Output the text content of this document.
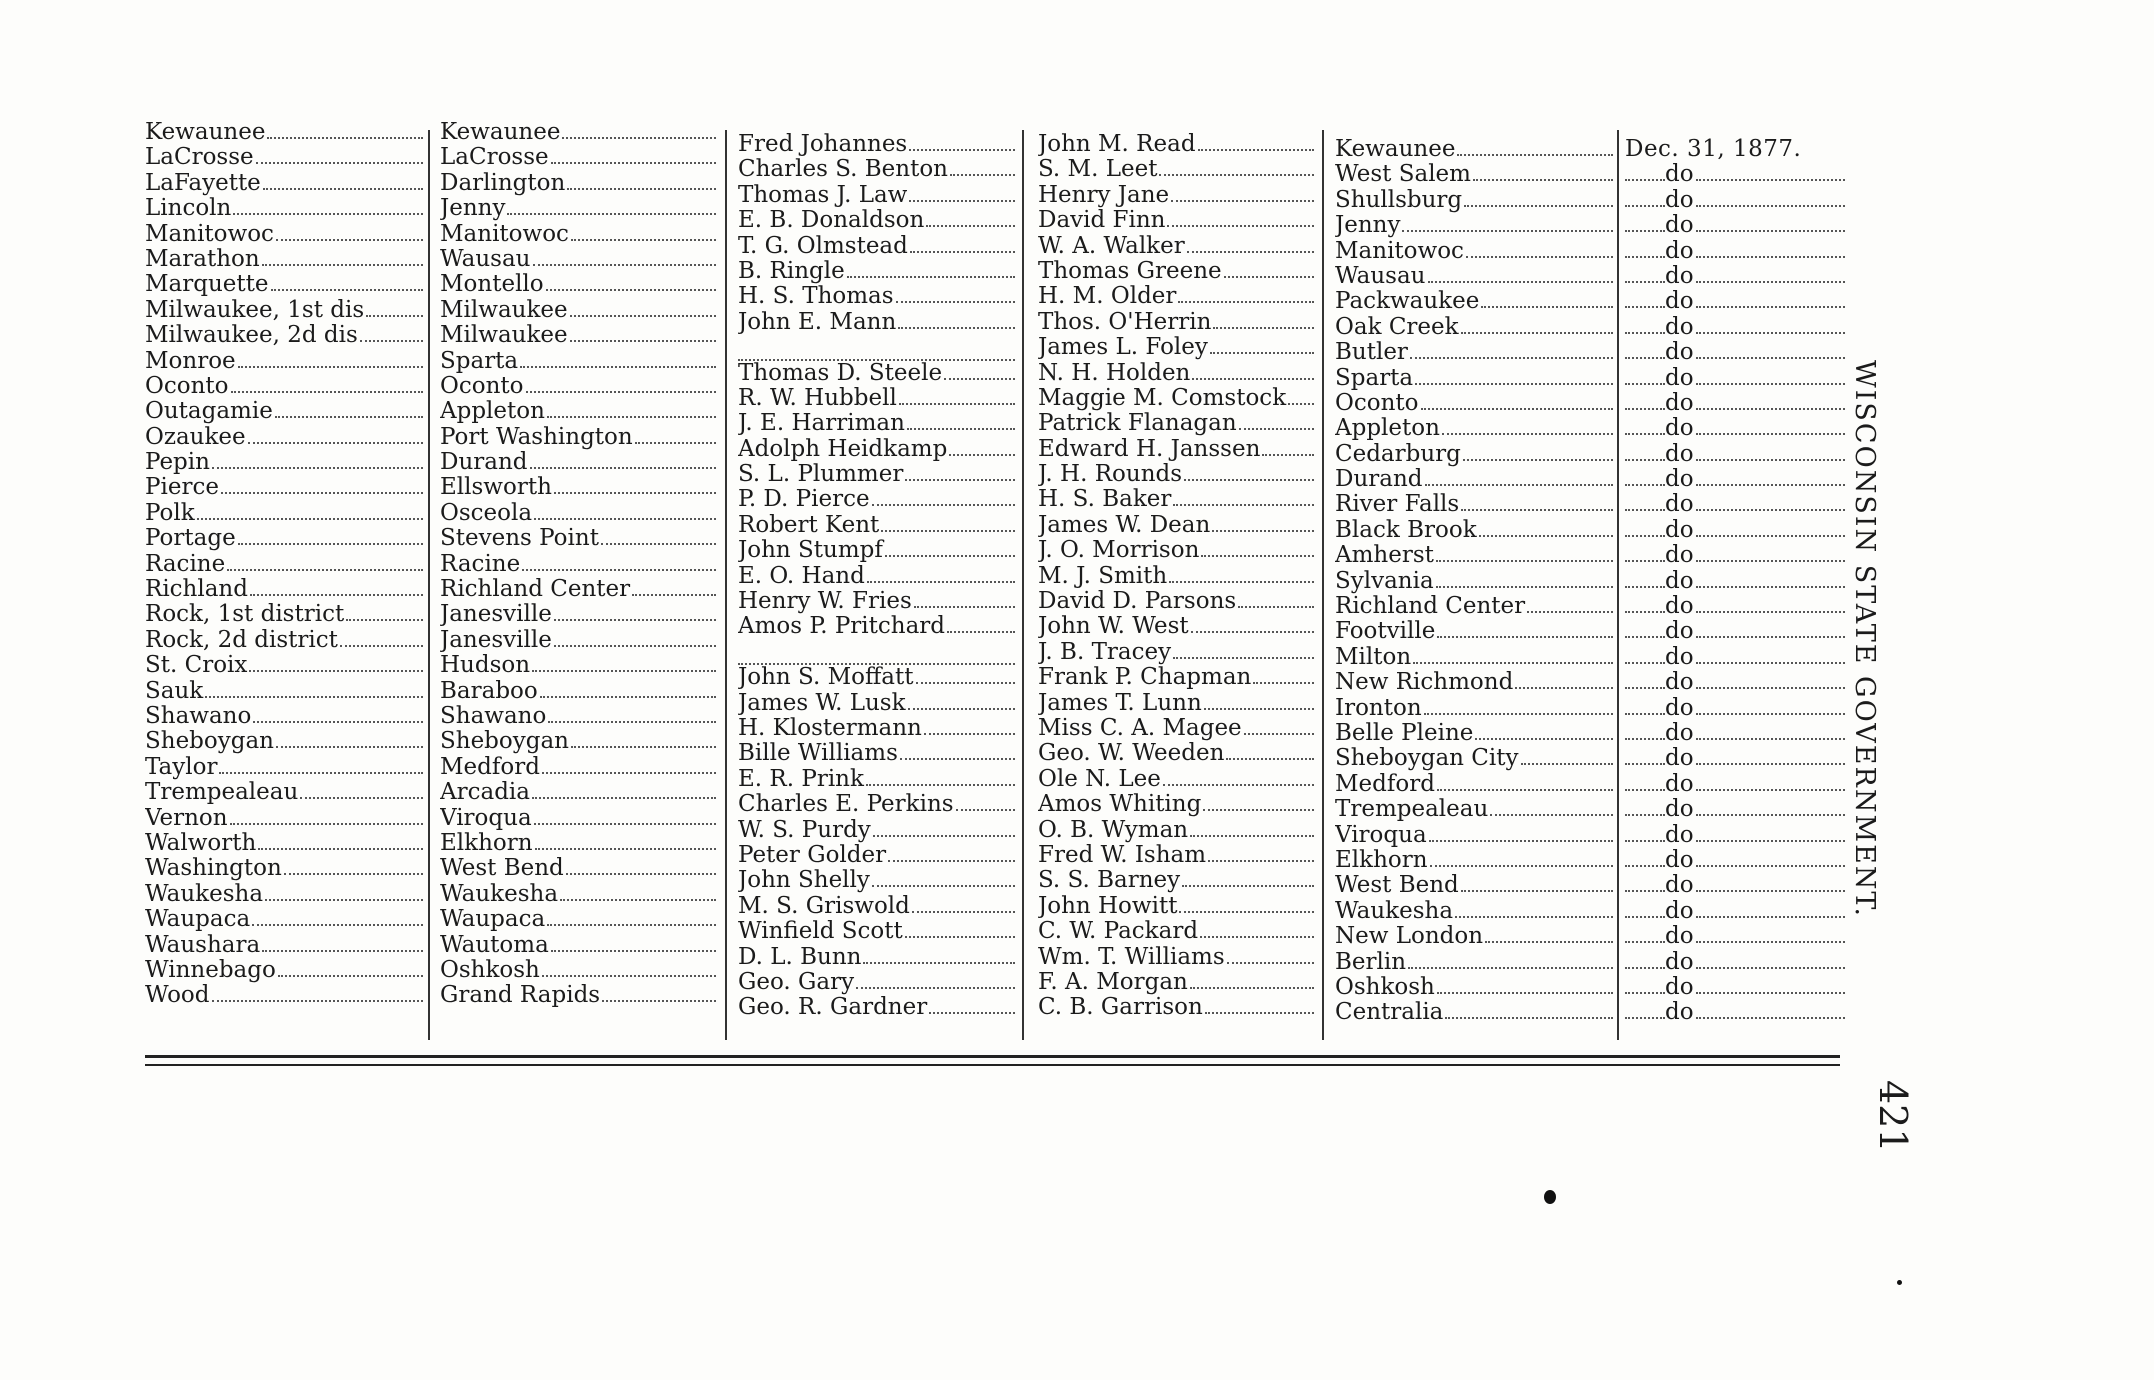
Kewaunee
LaCrosse
LaFayette
Lincoln
Manitowoc
Marathon
Marquette
Milwaukee, 1st dis
Milwaukee, 2d dis
Monroe
Oconto
Outagamie
Ozaukee
Pepin
Pierce
Polk
Portage
Racine
Richland
Rock, 1st district
Rock, 2d district
St. Croix
Sauk
Shawano
Sheboygan
Taylor
Trempealeau
Vernon
Walworth
Washington
Waukesha
Waupaca
Waushara
Winnebago
Wood
Kewaunee
LaCrosse
Darlington
Jenny
Manitowoc
Wausau
Montello
Milwaukee
Milwaukee
Sparta
Oconto
Appleton
Port Washington
Durand
Ellsworth
Osceola
Stevens Point
Racine
Richland Center
Janesville
Janesville
Hudson
Baraboo
Shawano
Sheboygan
Medford
Arcadia
Viroqua
Elkhorn
West Bend
Waukesha
Waupaca
Wautoma
Oshkosh
Grand Rapids
Fred Johannes
Charles S. Benton
Thomas J. Law
E. B. Donaldson
T. G. Olmstead
B. Ringle
H. S. Thomas
John E. Mann
Thomas D. Steele
R. W. Hubbell
J. E. Harriman
Adolph Heidkamp
S. L. Plummer
P. D. Pierce
Robert Kent
John Stumpf
E. O. Hand
Henry W. Fries
Amos P. Pritchard
John S. Moffatt
James W. Lusk
H. Klostermann
Bille Williams
E. R. Prink
Charles E. Perkins
W. S. Purdy
Peter Golder
John Shelly
M. S. Griswold
Winfield Scott
D. L. Bunn
Geo. Gary
Geo. R. Gardner
John M. Read
S. M. Leet
Henry Jane
David Finn
W. A. Walker
Thomas Greene
H. M. Older
Thos. O'Herrin
James L. Foley
N. H. Holden
Maggie M. Comstock
Patrick Flanagan
Edward H. Janssen
J. H. Rounds
H. S. Baker
James W. Dean
J. O. Morrison
M. J. Smith
David D. Parsons
John W. West
J. B. Tracey
Frank P. Chapman
James T. Lunn
Miss C. A. Magee
Geo. W. Weeden
Ole N. Lee
Amos Whiting
O. B. Wyman
Fred W. Isham
S. S. Barney
John Howitt
C. W. Packard
Wm. T. Williams
F. A. Morgan
C. B. Garrison
Kewaunee
West Salem
Shullsburg
Jenny
Manitowoc
Wausau
Packwaukee
Oak Creek
Butler
Sparta
Oconto
Appleton
Cedarburg
Durand
River Falls
Black Brook
Amherst
Sylvania
Richland Center
Footville
Milton
New Richmond
Ironton
Belle Pleine
Sheboygan City
Medford
Trempealeau
Viroqua
Elkhorn
West Bend
Waukesha
New London
Berlin
Oshkosh
Centralia
Dec. 31, 1877.
do
do
do
do
do
do
do
do
do
do
do
do
do
do
do
do
do
do
do
do
do
do
do
do
do
do
do
do
do
do
do
do
do
do
WISCONSIN STATE GOVERNMENT.
421
